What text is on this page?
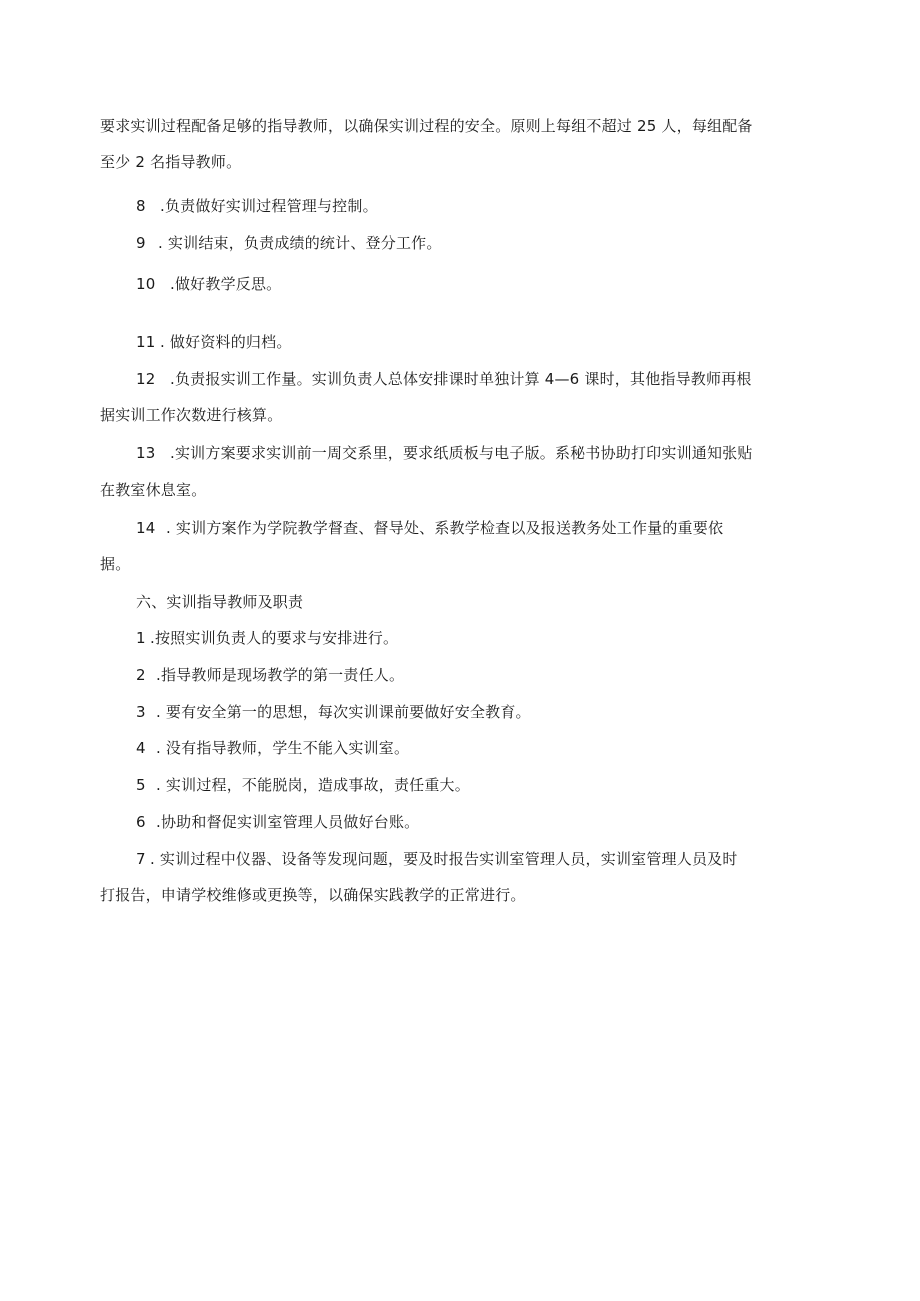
要求实训过程配备足够的指导教师，以确保实训过程的安全。原则上每组不超过 25 人，每组配备
至少 2 名指导教师。
8 .负责做好实训过程管理与控制。
9 . 实训结束，负责成绩的统计、登分工作。
10 .做好教学反思。
11 . 做好资料的归档。
12 .负责报实训工作量。实训负责人总体安排课时单独计算 4—6 课时，其他指导教师再根
据实训工作次数进行核算。
13 .实训方案要求实训前一周交系里，要求纸质板与电子版。系秘书协助打印实训通知张贴
在教室休息室。
14 . 实训方案作为学院教学督查、督导处、系教学检查以及报送教务处工作量的重要依
据。
六、实训指导教师及职责
1 .按照实训负责人的要求与安排进行。
2 .指导教师是现场教学的第一责任人。
3 . 要有安全第一的思想，每次实训课前要做好安全教育。
4 . 没有指导教师，学生不能入实训室。
5 . 实训过程，不能脱岗，造成事故，责任重大。
6 .协助和督促实训室管理人员做好台账。
7 . 实训过程中仪器、设备等发现问题，要及时报告实训室管理人员，实训室管理人员及时
打报告，申请学校维修或更换等，以确保实践教学的正常进行。
